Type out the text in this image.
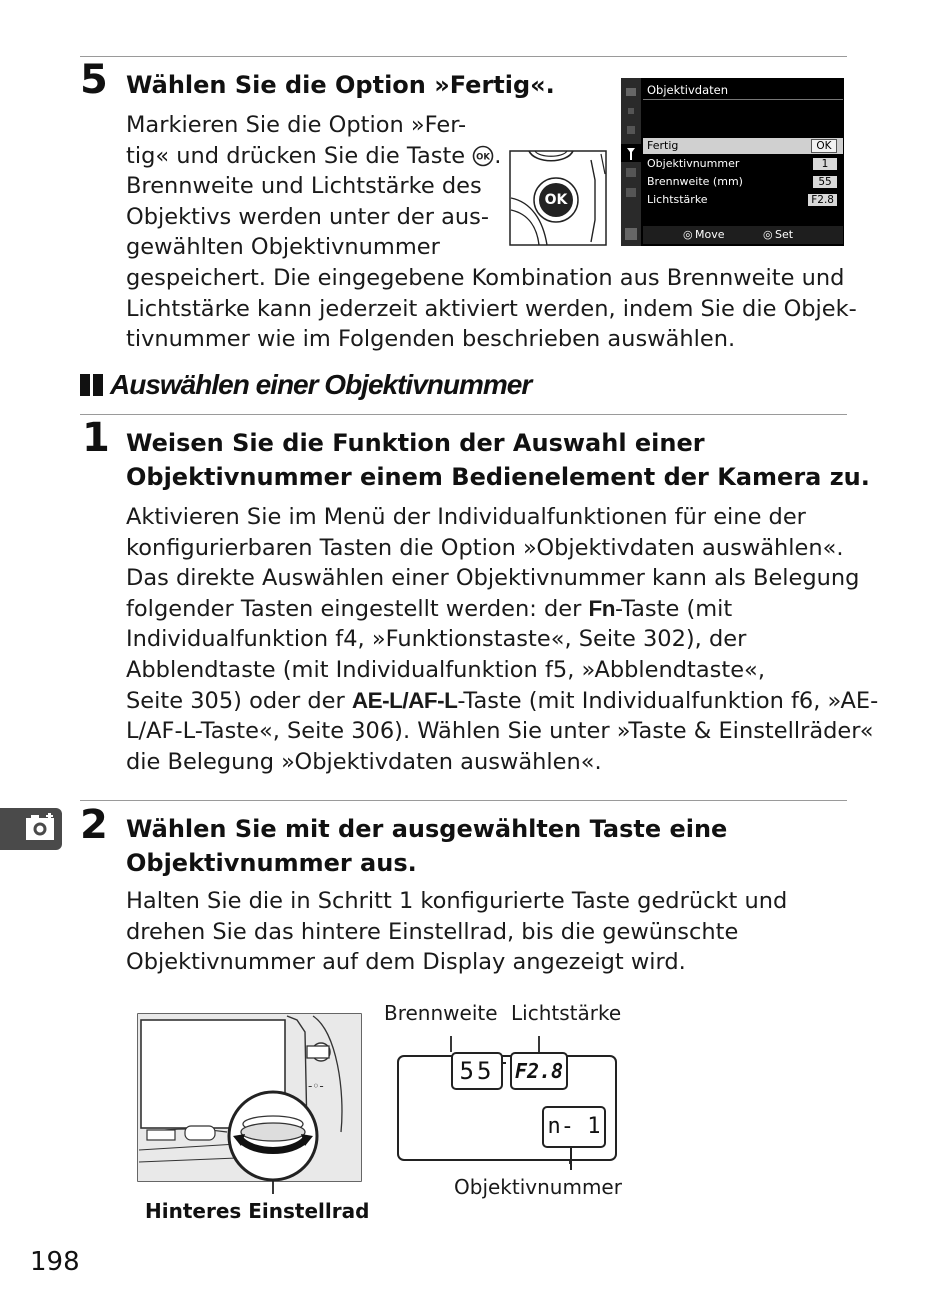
5 Wählen Sie die Option »Fertig«.
Markieren Sie die Option »Fer-
tig« und drücken Sie die Taste OK .
Brennweite und Lichtstärke des
Objektivs werden unter der aus-
gewählten Objektivnummer
gespeichert. Die eingegebene Kombination aus Brennweite und
Lichtstärke kann jederzeit aktiviert werden, indem Sie die Objek-
tivnummer wie im Folgenden beschrieben auswählen.
OK
Objektivdaten
Fertig	OK
Objektivnummer	1
Brennweite (mm)	55
Lichtstärke	F2.8
◎ Move	◎ Set
Auswählen einer Objektivnummer
1 Weisen Sie die Funktion der Auswahl einer
Objektivnummer einem Bedienelement der Kamera zu.
Aktivieren Sie im Menü der Individualfunktionen für eine der
konfigurierbaren Tasten die Option »Objektivdaten auswählen«.
Das direkte Auswählen einer Objektivnummer kann als Belegung
folgender Tasten eingestellt werden: der Fn-Taste (mit
Individualfunktion f4, »Funktionstaste«, Seite 302), der
Abblendtaste (mit Individualfunktion f5, »Abblendtaste«,
Seite 305) oder der AE-L/AF-L-Taste (mit Individualfunktion f6, »AE-
L/AF-L-Taste«, Seite 306). Wählen Sie unter »Taste & Einstellräder«
die Belegung »Objektivdaten auswählen«.
2 Wählen Sie mit der ausgewählten Taste eine
Objektivnummer aus.
Halten Sie die in Schritt 1 konfigurierte Taste gedrückt und
drehen Sie das hintere Einstellrad, bis die gewünschte
Objektivnummer auf dem Display angezeigt wird.
-◦-
Hinteres Einstellrad
Brennweite Lichtstärke
55	F2.8
n- 1
Objektivnummer
198
